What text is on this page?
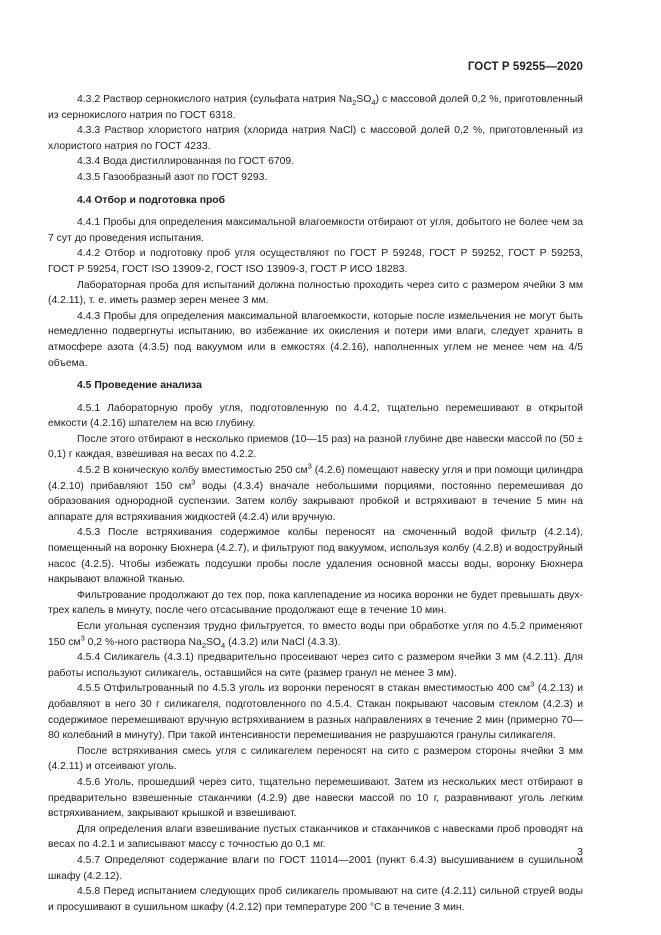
ГОСТ Р 59255—2020

4.3.2 Раствор сернокислого натрия (сульфата натрия $Na_2SO_4$) с массовой долей 0,2 %, приготовленный из сернокислого натрия по ГОСТ 6318.

4.3.3 Раствор хлористого натрия (хлорида натрия NaCl) с массовой долей 0,2 %, приготовленный из хлористого натрия по ГОСТ 4233.

4.3.4 Вода дистиллированная по ГОСТ 6709.

4.3.5 Газообразный азот по ГОСТ 9293.

4.4 Отбор и подготовка проб

4.4.1 Пробы для определения максимальной влагоемкости отбирают от угля, добытого не более чем за 7 сут до проведения испытания.

4.4.2 Отбор и подготовку проб угля осуществляют по ГОСТ Р 59248, ГОСТ Р 59252, ГОСТ Р 59253, ГОСТ Р 59254, ГОСТ ISO 13909-2, ГОСТ ISO 13909-3, ГОСТ Р ИСО 18283.

Лабораторная проба для испытаний должна полностью проходить через сито с размером ячейки 3 мм (4.2.11), т. е. иметь размер зерен менее 3 мм.

4.4.3 Пробы для определения максимальной влагоемкости, которые после измельчения не могут быть немедленно подвергнуты испытанию, во избежание их окисления и потери ими влаги, следует хранить в атмосфере азота (4.3.5) под вакуумом или в емкостях (4.2.16), наполненных углем не менее чем на 4/5 объема.

4.5 Проведение анализа

4.5.1 Лабораторную пробу угля, подготовленную по 4.4.2, тщательно перемешивают в открытой емкости (4.2.16) шпателем на всю глубину.

После этого отбирают в несколько приемов (10—15 раз) на разной глубине две навески массой по (50 ± 0,1) г каждая, взвешивая на весах по 4.2.2.

4.5.2 В коническую колбу вместимостью 250 $см^3$ (4.2.6) помещают навеску угля и при помощи цилиндра (4.2.10) прибавляют 150 $см^3$ воды (4.3.4) вначале небольшими порциями, постоянно перемешивая до образования однородной суспензии. Затем колбу закрывают пробкой и встряхивают в течение 5 мин на аппарате для встряхивания жидкостей (4.2.4) или вручную.

4.5.3 После встряхивания содержимое колбы переносят на смоченный водой фильтр (4.2.14), помещенный на воронку Бюхнера (4.2.7), и фильтруют под вакуумом, используя колбу (4.2.8) и водоструйный насос (4.2.5). Чтобы избежать подсушки пробы после удаления основной массы воды, воронку Бюхнера накрывают влажной тканью.

Фильтрование продолжают до тех пор, пока каплепадение из носика воронки не будет превышать двух-трех капель в минуту, после чего отсасывание продолжают еще в течение 10 мин.

Если угольная суспензия трудно фильтруется, то вместо воды при обработке угля по 4.5.2 применяют 150 $см^3$ 0,2 %-ного раствора $Na_2SO_4$ (4.3.2) или NaCl (4.3.3).

4.5.4 Силикагель (4.3.1) предварительно просеивают через сито с размером ячейки 3 мм (4.2.11). Для работы используют силикагель, оставшийся на сите (размер гранул не менее 3 мм).

4.5.5 Отфильтрованный по 4.5.3 уголь из воронки переносят в стакан вместимостью 400 $см^3$ (4.2.13) и добавляют в него 30 г силикагеля, подготовленного по 4.5.4. Стакан покрывают часовым стеклом (4.2.3) и содержимое перемешивают вручную встряхиванием в разных направлениях в течение 2 мин (примерно 70—80 колебаний в минуту). При такой интенсивности перемешивания не разрушаются гранулы силикагеля.

После встряхивания смесь угля с силикагелем переносят на сито с размером стороны ячейки 3 мм (4.2.11) и отсеивают уголь.

4.5.6 Уголь, прошедший через сито, тщательно перемешивают. Затем из нескольких мест отбирают в предварительно взвешенные стаканчики (4.2.9) две навески массой по 10 г, разравнивают уголь легким встряхиванием, закрывают крышкой и взвешивают.

Для определения влаги взвешивание пустых стаканчиков и стаканчиков с навесками проб проводят на весах по 4.2.1 и записывают массу с точностью до 0,1 мг.

4.5.7 Определяют содержание влаги по ГОСТ 11014—2001 (пункт 6.4.3) высушиванием в сушильном шкафу (4.2.12).

4.5.8 Перед испытанием следующих проб силикагель промывают на сите (4.2.11) сильной струей воды и просушивают в сушильном шкафу (4.2.12) при температуре 200 °С в течение 3 мин.

3
